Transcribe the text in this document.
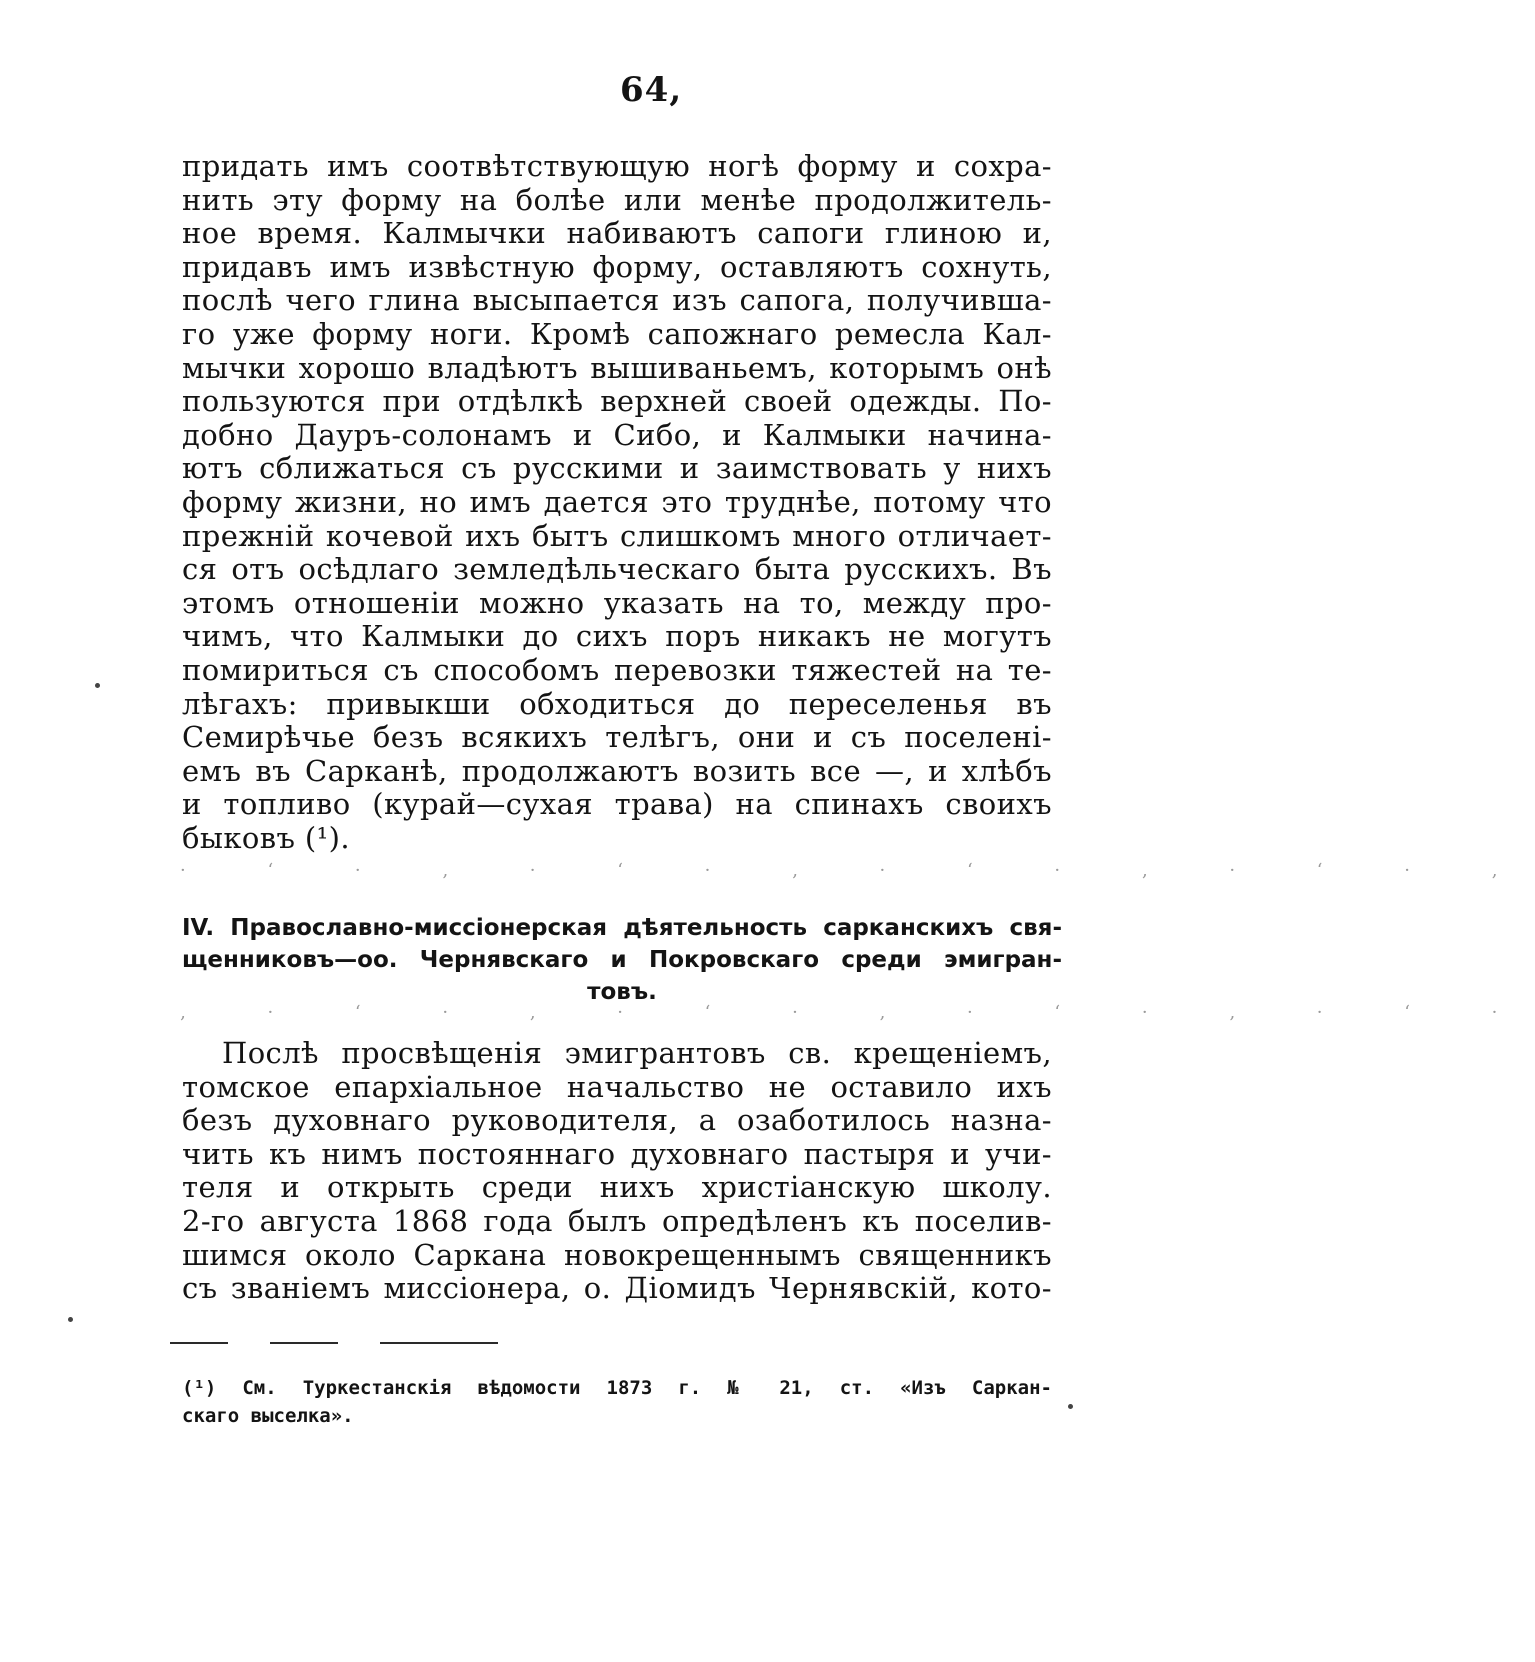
64,
придать имъ соотвѣтствующую ногѣ форму и сохра-
нить эту форму на болѣе или менѣе продолжитель-
ное время. Калмычки набиваютъ сапоги глиною и,
придавъ имъ извѣстную форму, оставляютъ сохнуть,
послѣ чего глина высыпается изъ сапога, получивша-
го уже форму ноги. Кромѣ сапожнаго ремесла Кал-
мычки хорошо владѣютъ вышиваньемъ, которымъ онѣ
пользуются при отдѣлкѣ верхней своей одежды. По-
добно Дауръ-солонамъ и Сибо, и Калмыки начина-
ютъ сближаться съ русскими и заимствовать у нихъ
форму жизни, но имъ дается это труднѣе, потому что
прежній кочевой ихъ бытъ слишкомъ много отличает-
ся отъ осѣдлаго земледѣльческаго быта русскихъ. Въ
этомъ отношеніи можно указать на то, между про-
чимъ, что Калмыки до сихъ поръ никакъ не могутъ
помириться съ способомъ перевозки тяжестей на те-
лѣгахъ: привыкши обходиться до переселенья въ
Семирѣчье безъ всякихъ телѣгъ, они и съ поселені-
емъ въ Сарканѣ, продолжаютъ возить все —, и хлѣбъ
и топливо (курай—сухая трава) на спинахъ своихъ
быковъ (¹).
· ‘ · ‚ · ‘ · ‚ · ‘ · ‚ · ‘ · ‚
IV. Православно-миссіонерская дѣятельность сарканскихъ свя-
щенниковъ—оо. Чернявскаго и Покровскаго среди эмигран-
товъ.
‚ · ‘ · ‚ · ‘ · ‚ · ‘ · ‚ · ‘ ·
Послѣ просвѣщенія эмигрантовъ св. крещеніемъ,
томское епархіальное начальство не оставило ихъ
безъ духовнаго руководителя, а озаботилось назна-
чить къ нимъ постояннаго духовнаго пастыря и учи-
теля и открыть среди нихъ христіанскую школу.
2-го августа 1868 года былъ опредѣленъ къ поселив-
шимся около Саркана новокрещеннымъ священникъ
съ званіемъ миссіонера, о. Діомидъ Чернявскій, кото-
(¹) См. Туркестанскія вѣдомости 1873 г. № 21, ст. «Изъ Саркан-
скаго выселка».
